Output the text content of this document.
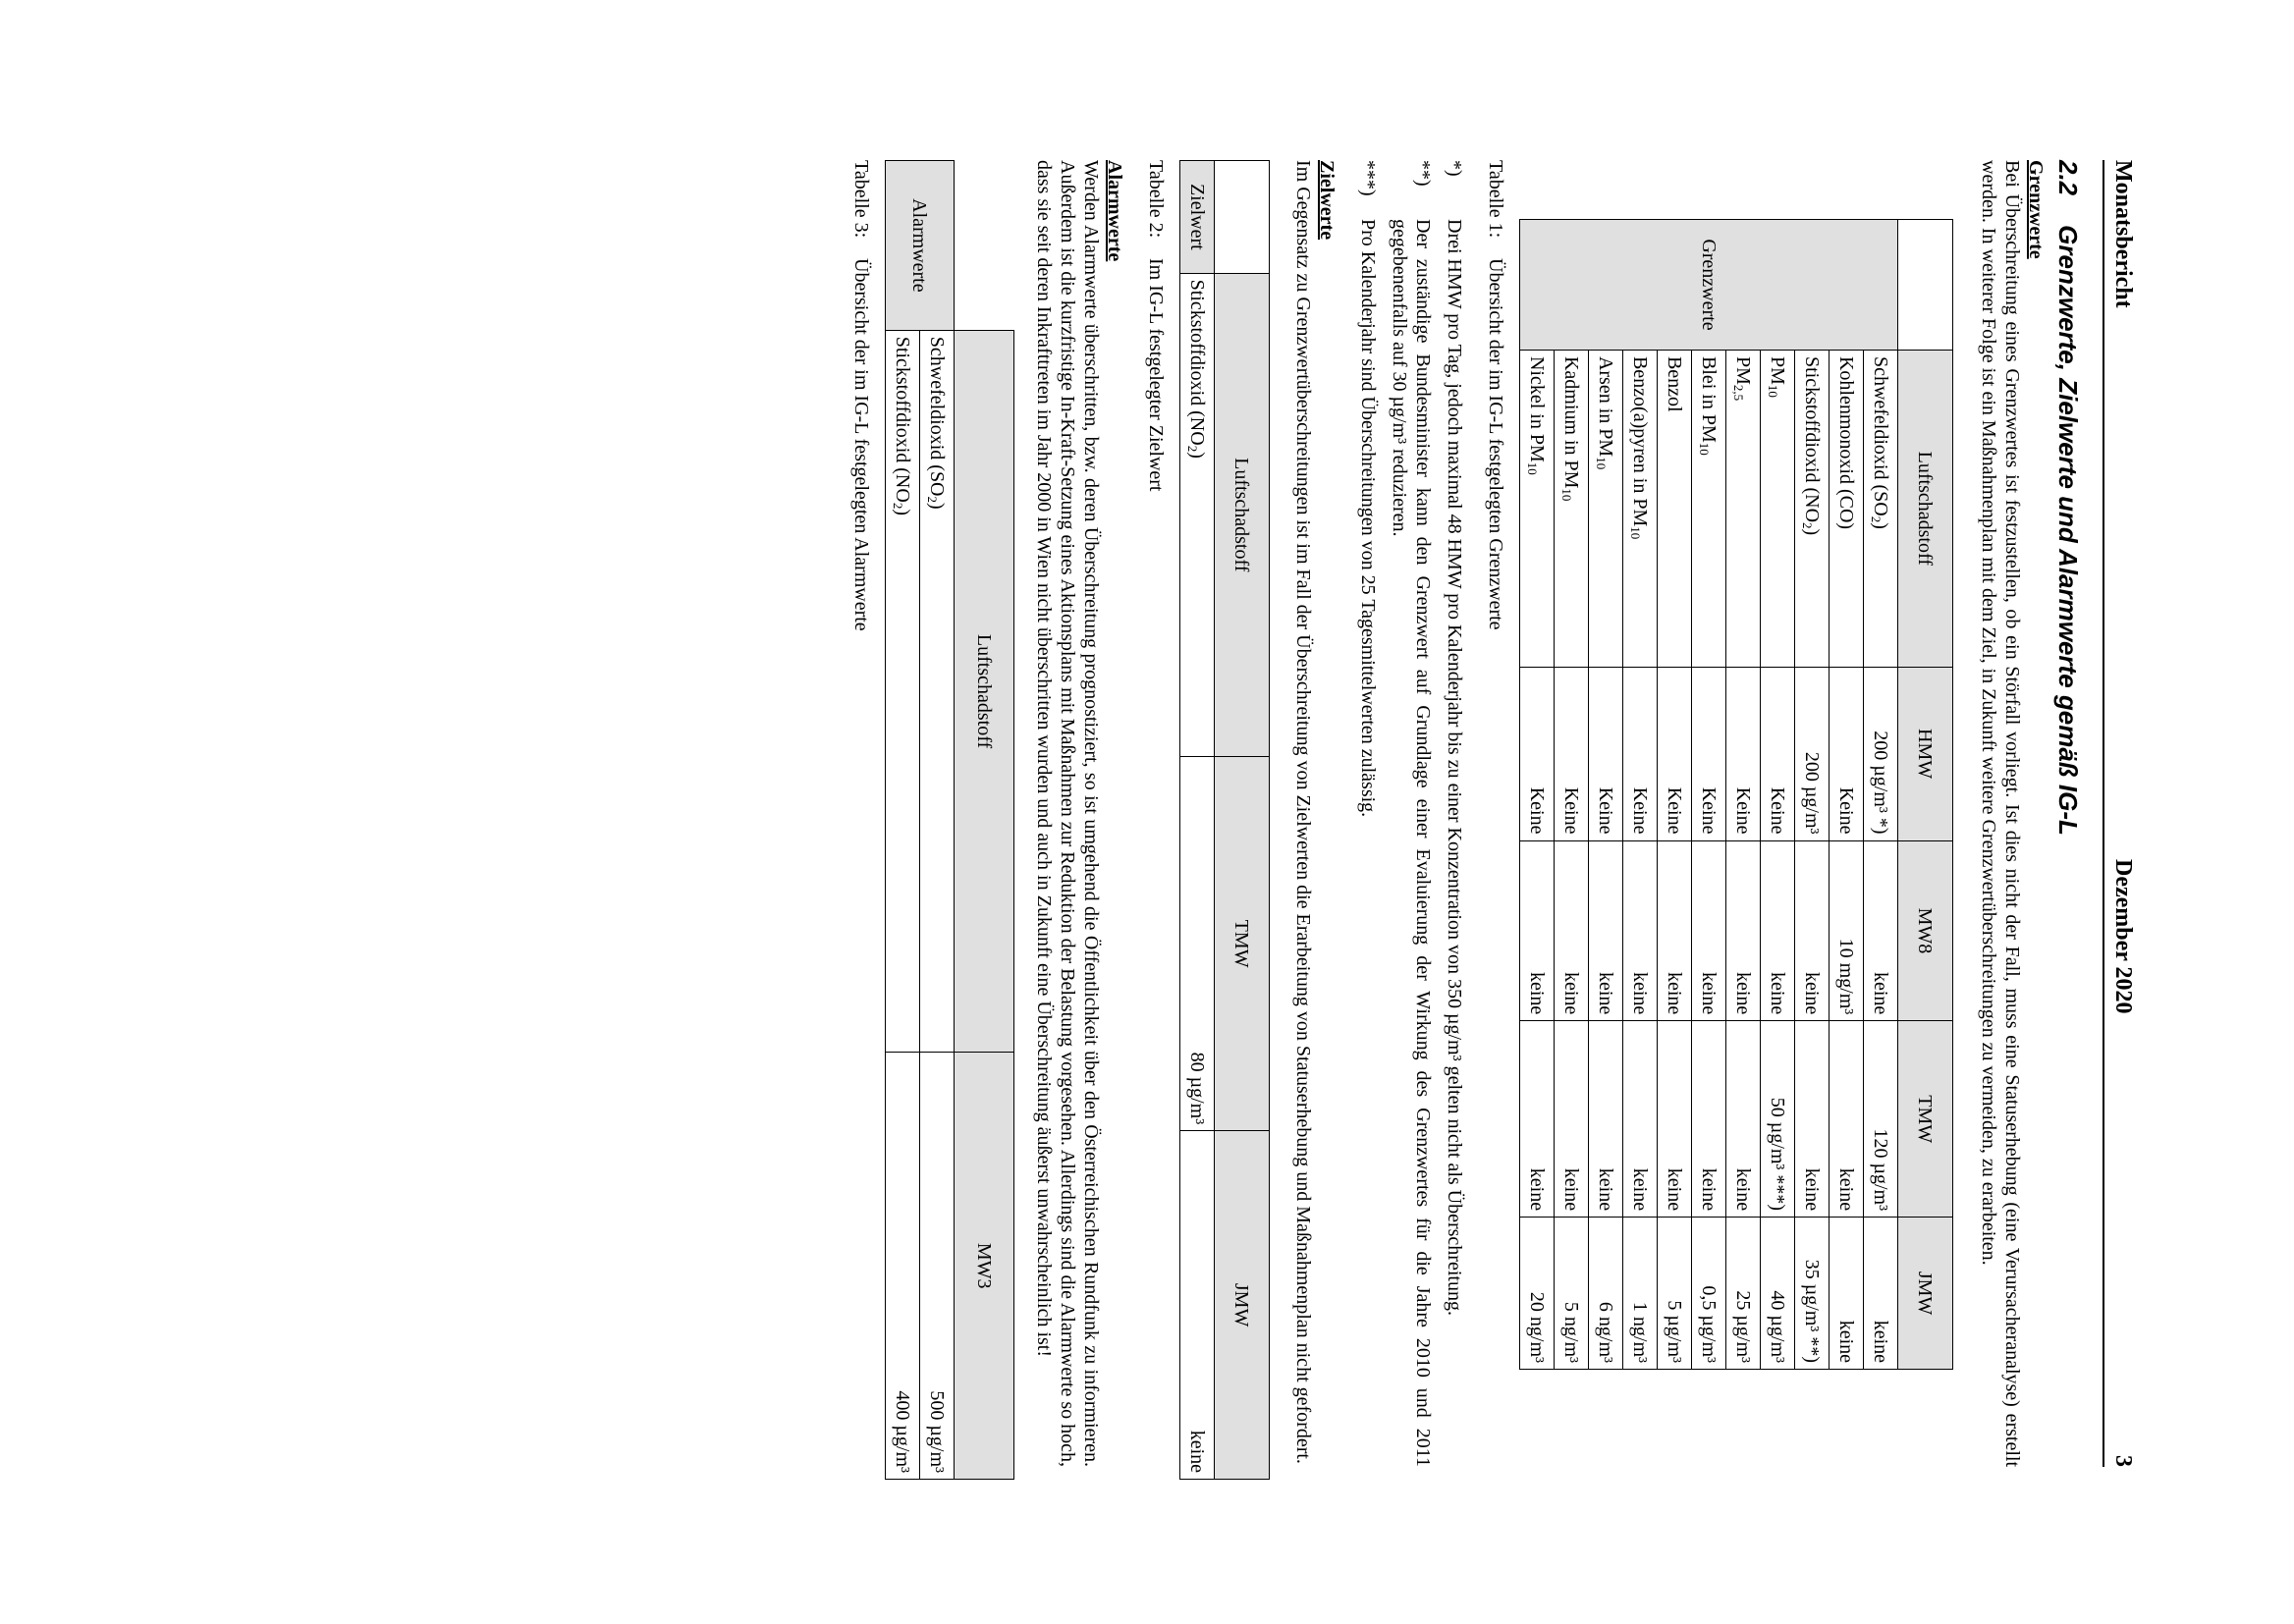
Monatsbericht
Dezember 2020
3
2.2Grenzwerte, Zielwerte und Alarmwerte gemäß IG-L

Grenzwerte

Bei Überschreitung eines Grenzwertes ist festzustellen, ob ein Störfall vorliegt. Ist dies nicht der Fall, muss eine Statuserhebung (eine Verursacheranalyse) erstellt werden. In weiterer Folge ist ein Maßnahmenplan mit dem Ziel, in Zukunft weitere Grenzwertüberschreitungen zu vermeiden, zu erarbeiten.

	Luftschadstoff	HMW	MW8	TMW	JMW
Grenzwerte	Schwefeldioxid $(SO_2)$	200 µg/m³ *)	keine	120 µg/m³	keine
	Kohlenmonoxid (CO)	Keine	10 mg/m³	keine	keine
	Stickstoffdioxid $(NO_2)$	200 µg/m³	keine	keine	35 µg/m³ **)
	$PM_{10}$	Keine	keine	50 µg/m³ ***)	40 µg/m³
	$PM_{2,5}$	Keine	keine	keine	25 µg/m³
	Blei in $PM_{10}$	Keine	keine	keine	0,5 µg/m³
	Benzol	Keine	keine	keine	5 µg/m³
	Benzo(a)pyren in $PM_{10}$	Keine	keine	keine	1 ng/m³
	Arsen in $PM_{10}$	Keine	keine	keine	6 ng/m³
	Kadmium in $PM_{10}$	Keine	keine	keine	5 ng/m³
	Nickel in $PM_{10}$	Keine	keine	keine	20 ng/m³

Tabelle 1:Übersicht der im IG-L festgelegten Grenzwerte

*)
Drei HMW pro Tag, jedoch maximal 48 HMW pro Kalenderjahr bis zu einer Konzentration von 350 µg/m³ gelten nicht als Überschreitung.

**)
Der zuständige Bundesminister kann den Grenzwert auf Grundlage einer Evaluierung der Wirkung des Grenzwertes für die Jahre 2010 und 2011 gegebenenfalls auf 30 µg/m³ reduzieren.

***)
Pro Kalenderjahr sind Überschreitungen von 25 Tagesmittelwerten zulässig.

Zielwerte

Im Gegensatz zu Grenzwertüberschreitungen ist im Fall der Überschreitung von Zielwerten die Erarbeitung von Statuserhebung und Maßnahmenplan nicht gefordert.

	Luftschadstoff	TMW	JMW
Zielwert	Stickstoffdioxid $(NO_2)$	80 µg/m³	keine

Tabelle 2:Im IG-L festgelegter Zielwert

Alarmwerte

Werden Alarmwerte überschritten, bzw. deren Überschreitung prognostiziert, so ist umgehend die Öffentlichkeit über den Österreichischen Rundfunk zu informieren. Außerdem ist die kurzfristige In-Kraft-Setzung eines Aktionsplans mit Maßnahmen zur Reduktion der Belastung vorgesehen. Allerdings sind die Alarmwerte so hoch, dass sie seit deren Inkrafttreten im Jahr 2000 in Wien nicht überschritten wurden und auch in Zukunft eine Überschreitung äußerst unwahrscheinlich ist!

	Luftschadstoff	MW3
Alarmwerte	Schwefeldioxid $(SO_2)$	500 µg/m³
	Stickstoffdioxid $(NO_2)$	400 µg/m³

Tabelle 3:Übersicht der im IG-L festgelegten Alarmwerte
